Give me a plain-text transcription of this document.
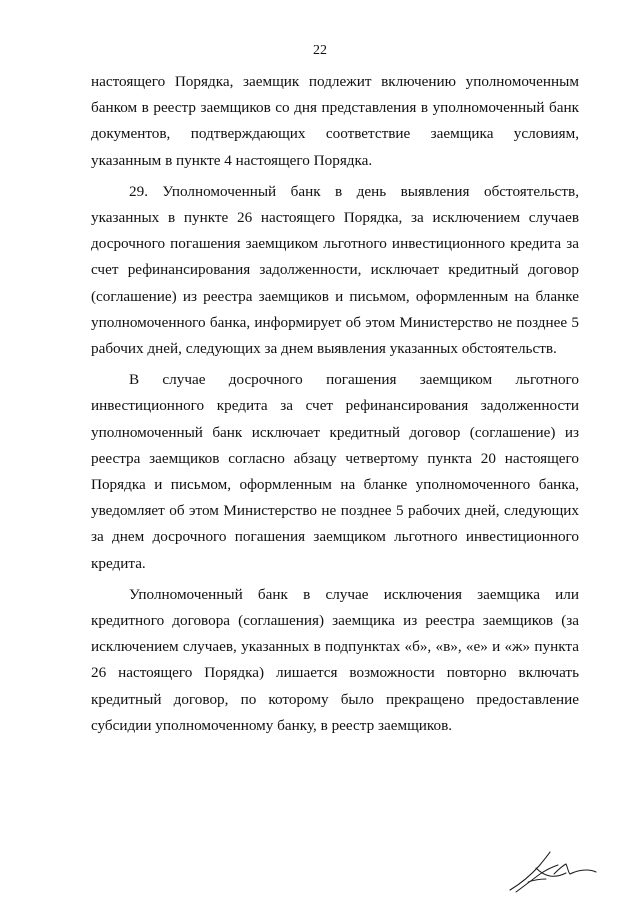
22

настоящего Порядка, заемщик подлежит включению уполномоченным банком в реестр заемщиков со дня представления в уполномоченный банк документов, подтверждающих соответствие заемщика условиям, указанным в пункте 4 настоящего Порядка.

29. Уполномоченный банк в день выявления обстоятельств, указанных в пункте 26 настоящего Порядка, за исключением случаев досрочного погашения заемщиком льготного инвестиционного кредита за счет рефинансирования задолженности, исключает кредитный договор (соглашение) из реестра заемщиков и письмом, оформленным на бланке уполномоченного банка, информирует об этом Министерство не позднее 5 рабочих дней, следующих за днем выявления указанных обстоятельств.

В случае досрочного погашения заемщиком льготного инвестиционного кредита за счет рефинансирования задолженности уполномоченный банк исключает кредитный договор (соглашение) из реестра заемщиков согласно абзацу четвертому пункта 20 настоящего Порядка и письмом, оформленным на бланке уполномоченного банка, уведомляет об этом Министерство не позднее 5 рабочих дней, следующих за днем досрочного погашения заемщиком льготного инвестиционного кредита.

Уполномоченный банк в случае исключения заемщика или кредитного договора (соглашения) заемщика из реестра заемщиков (за исключением случаев, указанных в подпунктах «б», «в», «е» и «ж» пункта 26 настоящего Порядка) лишается возможности повторно включать кредитный договор, по которому было прекращено предоставление субсидии уполномоченному банку, в реестр заемщиков.
